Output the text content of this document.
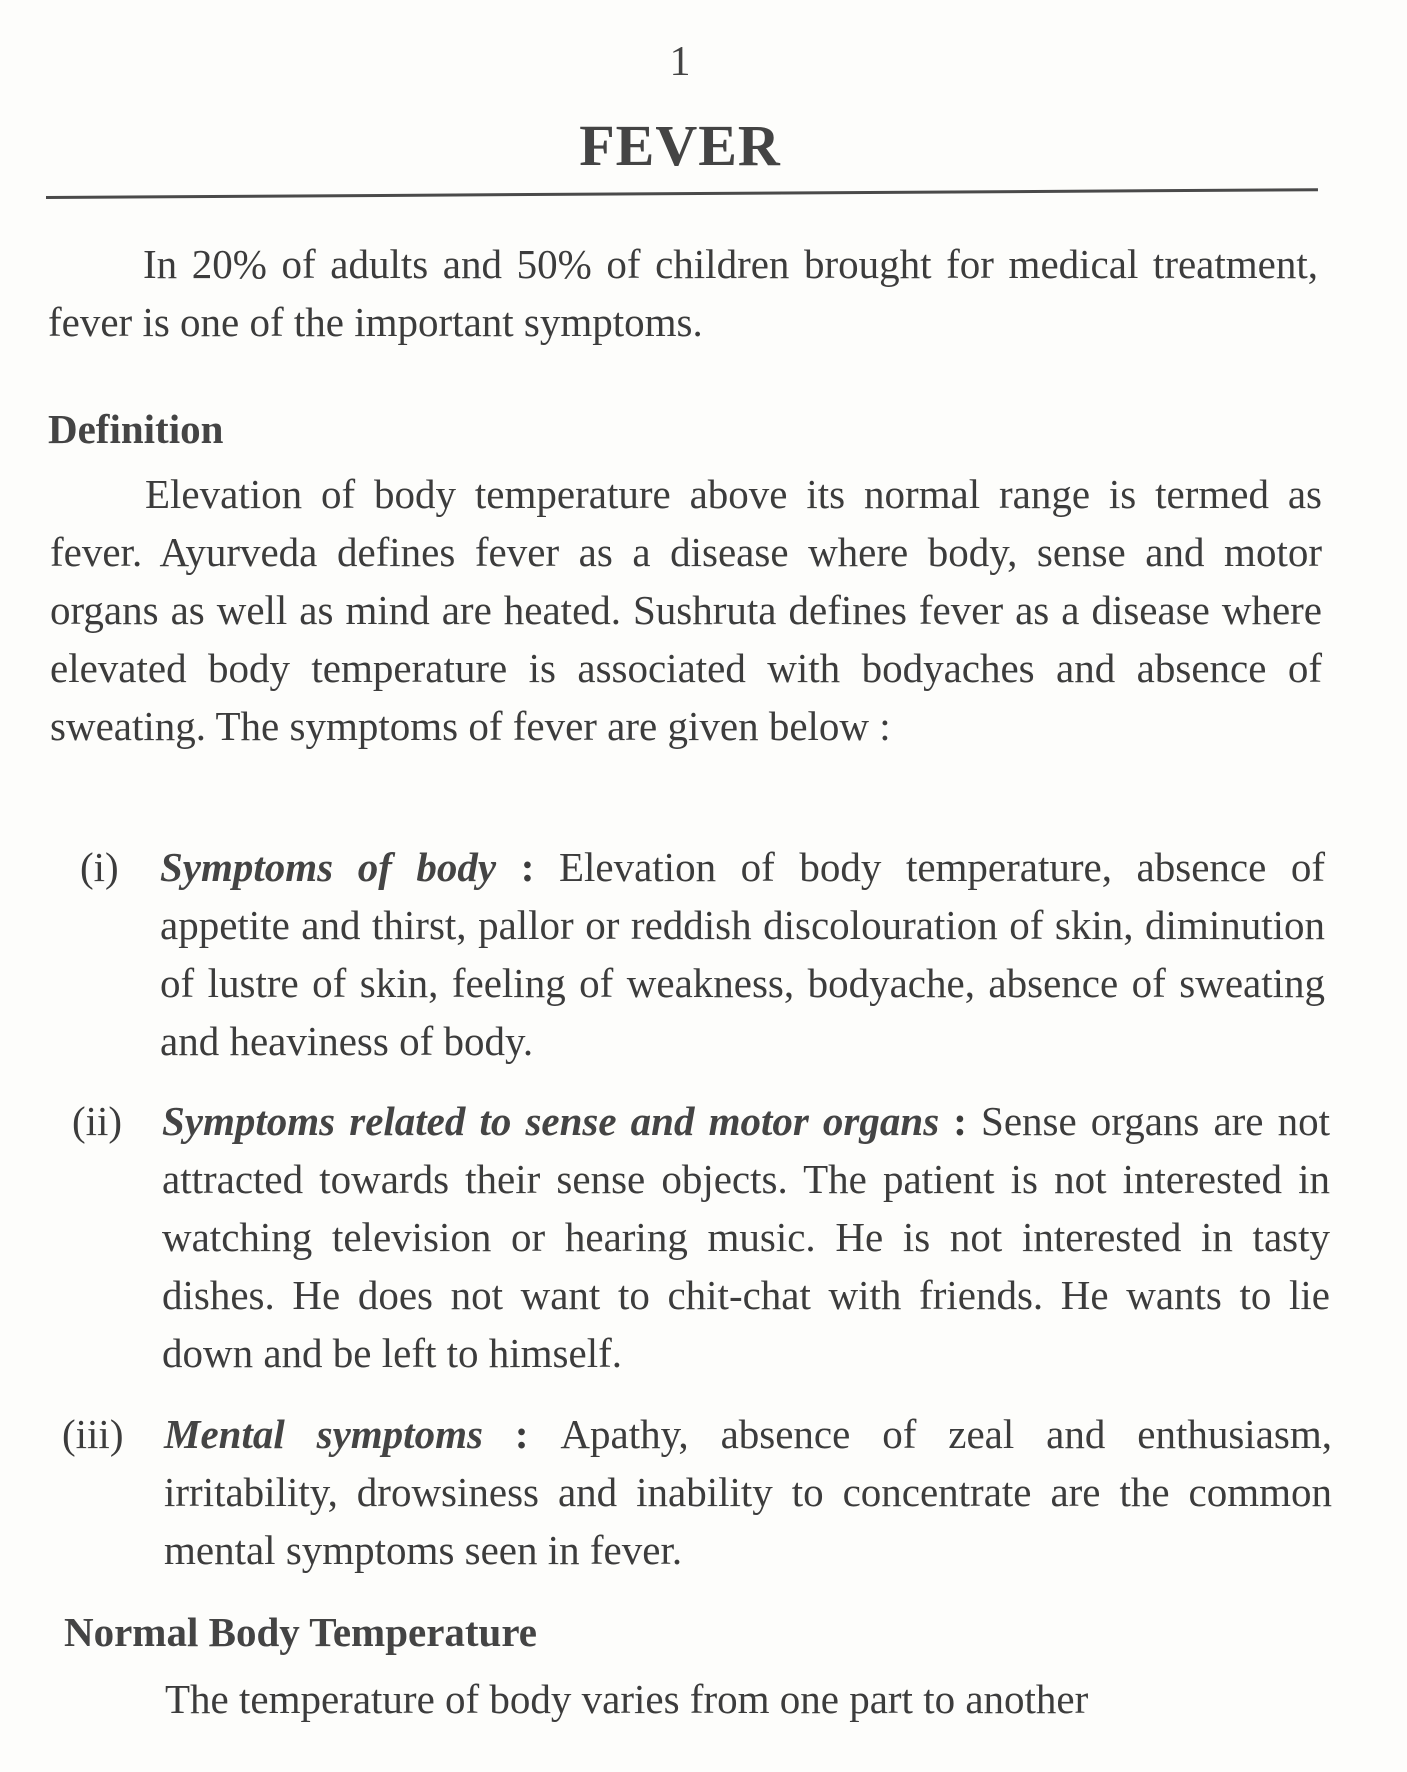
1
FEVER
In 20% of adults and 50% of children brought for medical treatment, fever is one of the important symptoms.
Definition
Elevation of body temperature above its normal range is termed as fever. Ayurveda defines fever as a disease where body, sense and motor organs as well as mind are heated. Sushruta defines fever as a disease where elevated body temperature is associated with bodyaches and absence of sweating. The symptoms of fever are given below :
(i) Symptoms of body : Elevation of body temperature, absence of appetite and thirst, pallor or reddish discolouration of skin, diminution of lustre of skin, feeling of weakness, bodyache, absence of sweating and heaviness of body.
(ii) Symptoms related to sense and motor organs : Sense organs are not attracted towards their sense objects. The patient is not interested in watching television or hearing music. He is not interested in tasty dishes. He does not want to chit-chat with friends. He wants to lie down and be left to himself.
(iii) Mental symptoms : Apathy, absence of zeal and enthusiasm, irritability, drowsiness and inability to concentrate are the common mental symptoms seen in fever.
Normal Body Temperature
The temperature of body varies from one part to another
